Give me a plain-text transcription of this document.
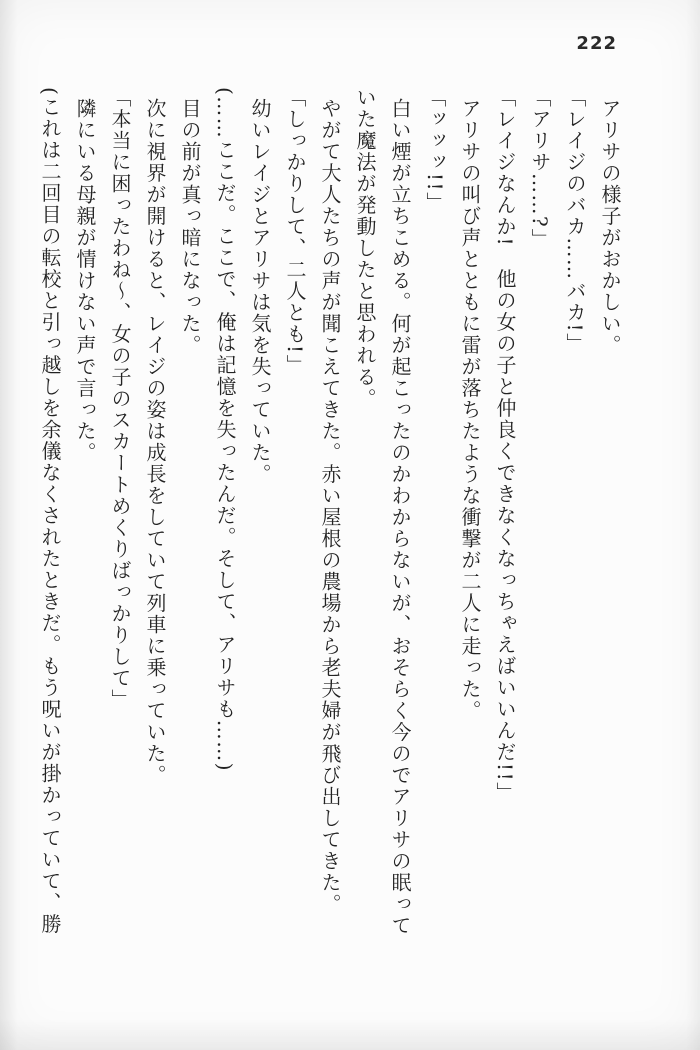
222

アリサの様子がおかしい。

「レイジのバカ……バカ!」

「アリサ……?」

「レイジなんか!　他の女の子と仲良くできなくなっちゃえばいいんだ!!」

アリサの叫び声とともに雷が落ちたような衝撃が二人に走った。

「ッッッ!!」

白い煙が立ちこめる。何が起こったのかわからないが、おそらく今のでアリサの眠って

いた魔法が発動したと思われる。

やがて大人たちの声が聞こえてきた。赤い屋根の農場から老夫婦が飛び出してきた。

「しっかりして、二人とも!」

幼いレイジとアリサは気を失っていた。

(……ここだ。ここで、俺は記憶を失ったんだ。そして、アリサも……)

目の前が真っ暗になった。

次に視界が開けると、レイジの姿は成長をしていて列車に乗っていた。

「本当に困ったわね〜、女の子のスカートめくりばっかりして」

隣にいる母親が情けない声で言った。

(これは二回目の転校と引っ越しを余儀なくされたときだ。もう呪いが掛かっていて、勝
